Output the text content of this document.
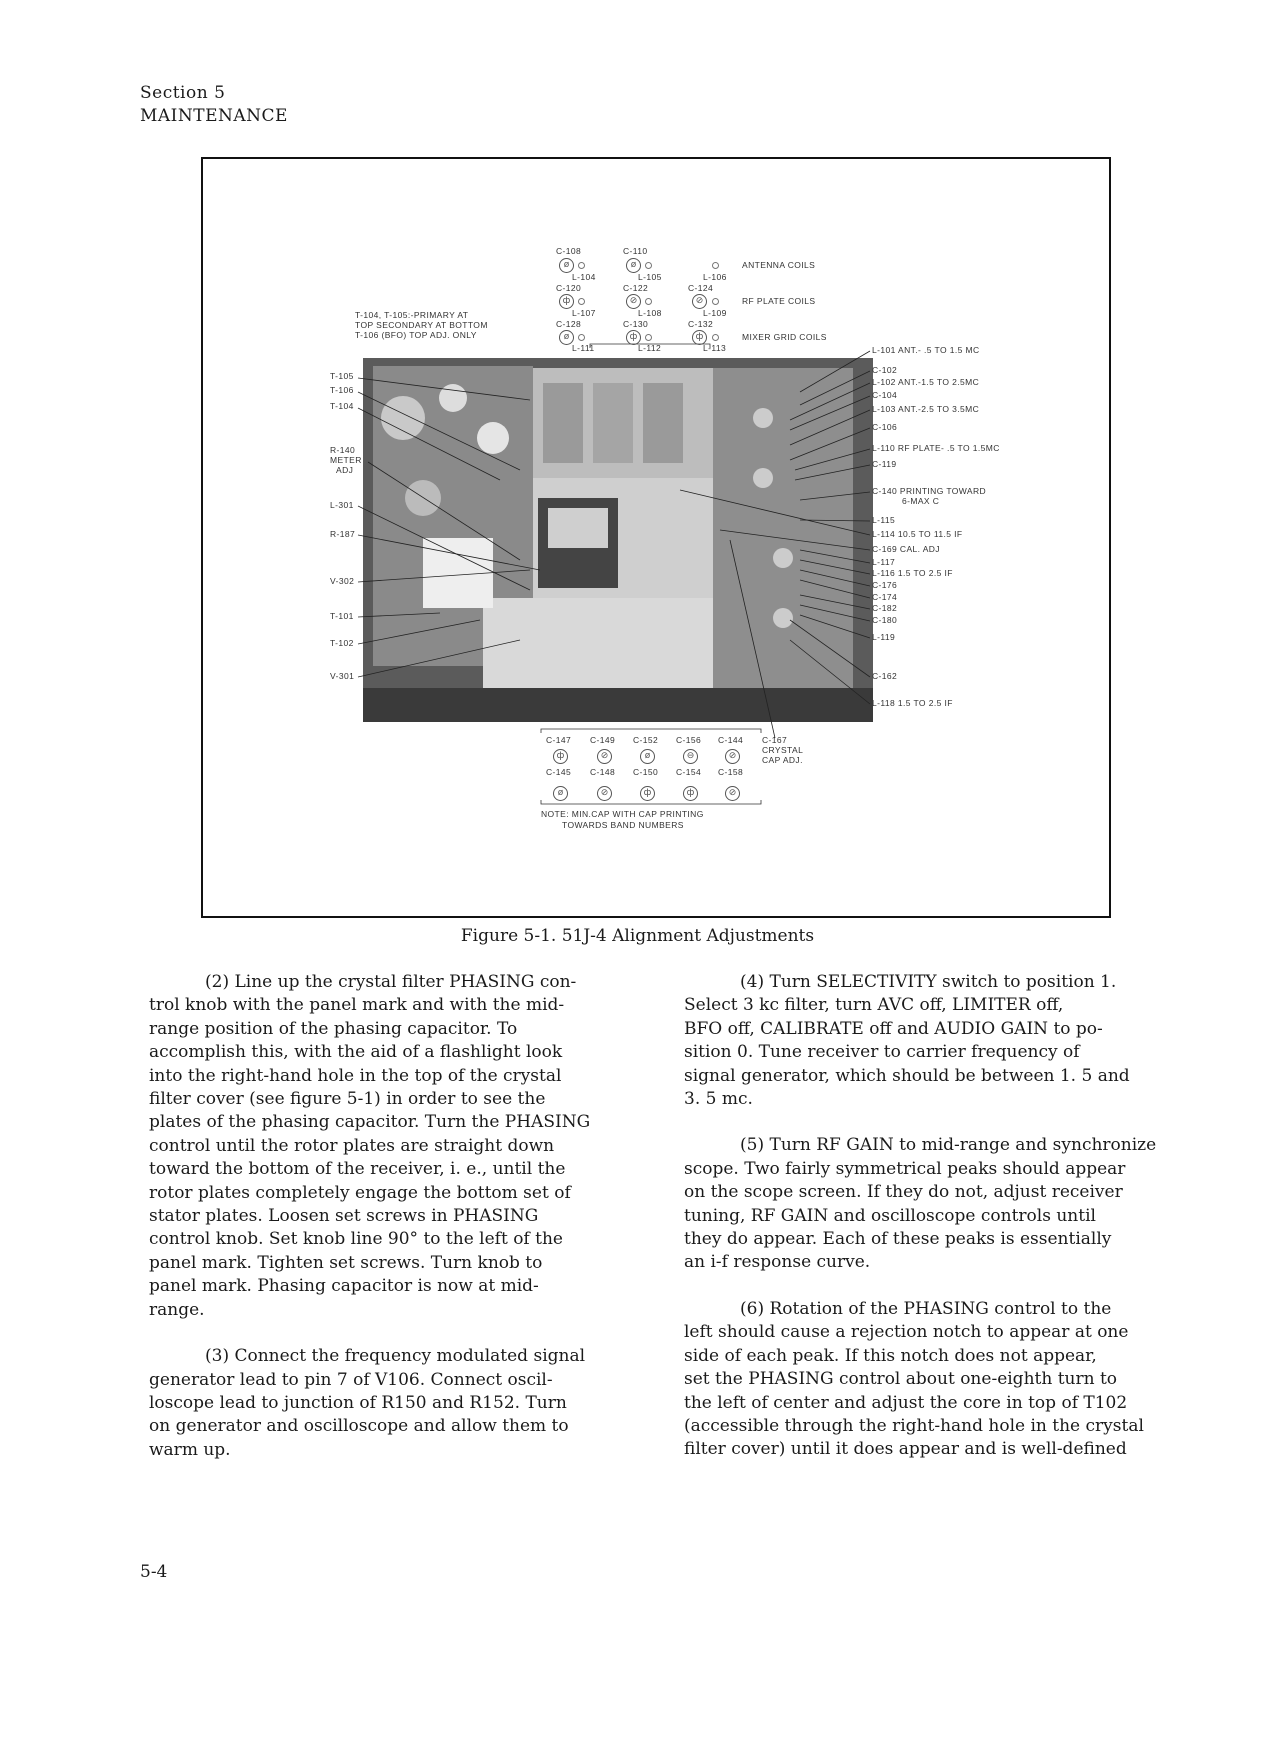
Section 5
MAINTENANCE
C-108	C-110
ø	ø	ANTENNA COILS
L-104	L-105	L-106
C-120	C-122	C-124
ф	⊘	⊘	RF PLATE COILS
L-107	L-108	L-109
C-128	C-130	C-132
ø	ф	ф	MIXER GRID COILS
L-111	L-112	L-113
T-104, T-105:-PRIMARY AT
TOP SECONDARY AT BOTTOM
T-106 (BFO) TOP ADJ. ONLY
T-105
T-106
T-104
R-140
METER
ADJ
L-301
R-187
V-302
T-101
T-102
V-301
L-101 ANT.- .5 TO 1.5 MC
C-102
L-102 ANT.-1.5 TO 2.5MC
C-104
L-103 ANT.-2.5 TO 3.5MC
C-106
L-110 RF PLATE- .5 TO 1.5MC
C-119
C-140 PRINTING TOWARD
6-MAX C
L-115
L-114 10.5 TO 11.5 IF
C-169 CAL. ADJ
L-117
L-116 1.5 TO 2.5 IF
C-176
C-174
C-182
C-180
L-119
C-162
L-118 1.5 TO 2.5 IF
C-147 C-149 C-152 C-156 C-144
ф	⊘	ø	⊖	⊘
C-145 C-148 C-150 C-154 C-158
ø	⊘	ф	ф	⊘
C-167
CRYSTAL
CAP ADJ.
NOTE: MIN.CAP WITH CAP PRINTING
TOWARDS BAND NUMBERS
Figure 5-1. 51J-4 Alignment Adjustments
(2) Line up the crystal filter PHASING con-
trol knob with the panel mark and with the mid-
range position of the phasing capacitor. To
accomplish this, with the aid of a flashlight look
into the right-hand hole in the top of the crystal
filter cover (see figure 5-1) in order to see the
plates of the phasing capacitor. Turn the PHASING
control until the rotor plates are straight down
toward the bottom of the receiver, i. e., until the
rotor plates completely engage the bottom set of
stator plates. Loosen set screws in PHASING
control knob. Set knob line 90° to the left of the
panel mark. Tighten set screws. Turn knob to
panel mark. Phasing capacitor is now at mid-
range.
(3) Connect the frequency modulated signal
generator lead to pin 7 of V106. Connect oscil-
loscope lead to junction of R150 and R152. Turn
on generator and oscilloscope and allow them to
warm up.
(4) Turn SELECTIVITY switch to position 1.
Select 3 kc filter, turn AVC off, LIMITER off,
BFO off, CALIBRATE off and AUDIO GAIN to po-
sition 0. Tune receiver to carrier frequency of
signal generator, which should be between 1. 5 and
3. 5 mc.
(5) Turn RF GAIN to mid-range and synchronize
scope. Two fairly symmetrical peaks should appear
on the scope screen. If they do not, adjust receiver
tuning, RF GAIN and oscilloscope controls until
they do appear. Each of these peaks is essentially
an i-f response curve.
(6) Rotation of the PHASING control to the
left should cause a rejection notch to appear at one
side of each peak. If this notch does not appear,
set the PHASING control about one-eighth turn to
the left of center and adjust the core in top of T102
(accessible through the right-hand hole in the crystal
filter cover) until it does appear and is well-defined
5-4
